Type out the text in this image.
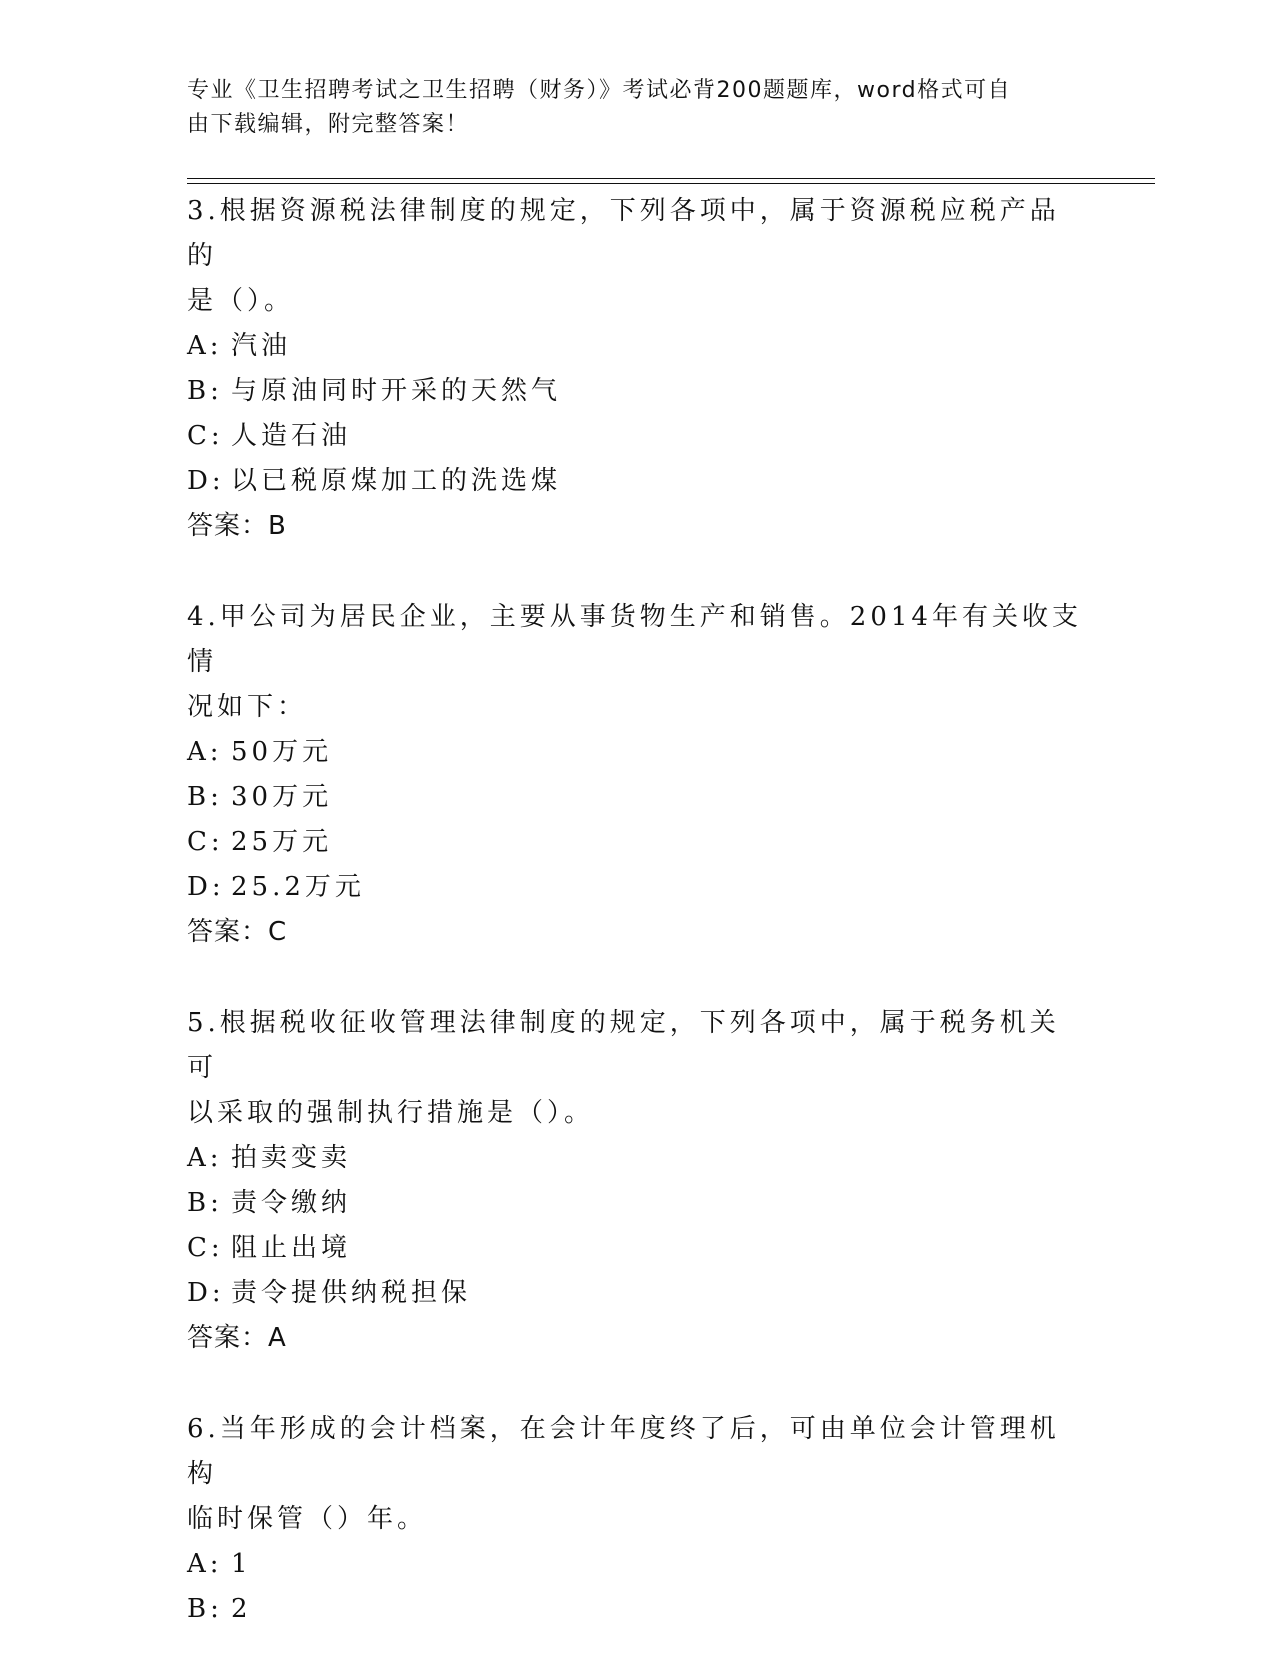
专业《卫生招聘考试之卫生招聘（财务）》考试必背200题题库，word格式可自
由下载编辑，附完整答案！
3.根据资源税法律制度的规定，下列各项中，属于资源税应税产品的
是（）。
A: 汽油
B: 与原油同时开采的天然气
C: 人造石油
D: 以已税原煤加工的洗选煤
答案：B
4.甲公司为居民企业，主要从事货物生产和销售。2014年有关收支情
况如下：
A: 50万元
B: 30万元
C: 25万元
D: 25.2万元
答案：C
5.根据税收征收管理法律制度的规定，下列各项中，属于税务机关可
以采取的强制执行措施是（）。
A: 拍卖变卖
B: 责令缴纳
C: 阻止出境
D: 责令提供纳税担保
答案：A
6.当年形成的会计档案，在会计年度终了后，可由单位会计管理机构
临时保管（）年。
A: 1
B: 2
